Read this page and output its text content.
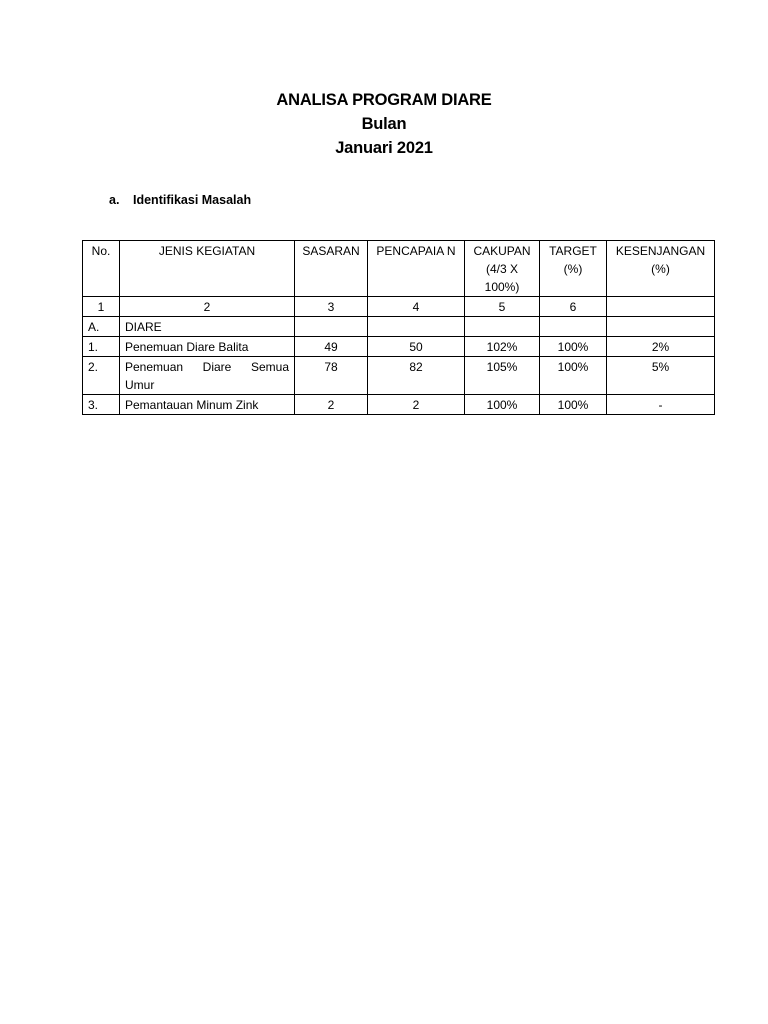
ANALISA PROGRAM DIARE
Bulan
Januari 2021
a. Identifikasi Masalah
No.	JENIS KEGIATAN	SASARAN	PENCAPAIA N	CAKUPAN (4/3 X 100%)	TARGET (%)	KESENJANGAN (%)
1	2	3	4	5	6	
A.	DIARE					
1.	Penemuan Diare Balita	49	50	102%	100%	2%
2.	Penemuan Diare Semua Umur	78	82	105%	100%	5%
3.	Pemantauan Minum Zink	2	2	100%	100%	-
